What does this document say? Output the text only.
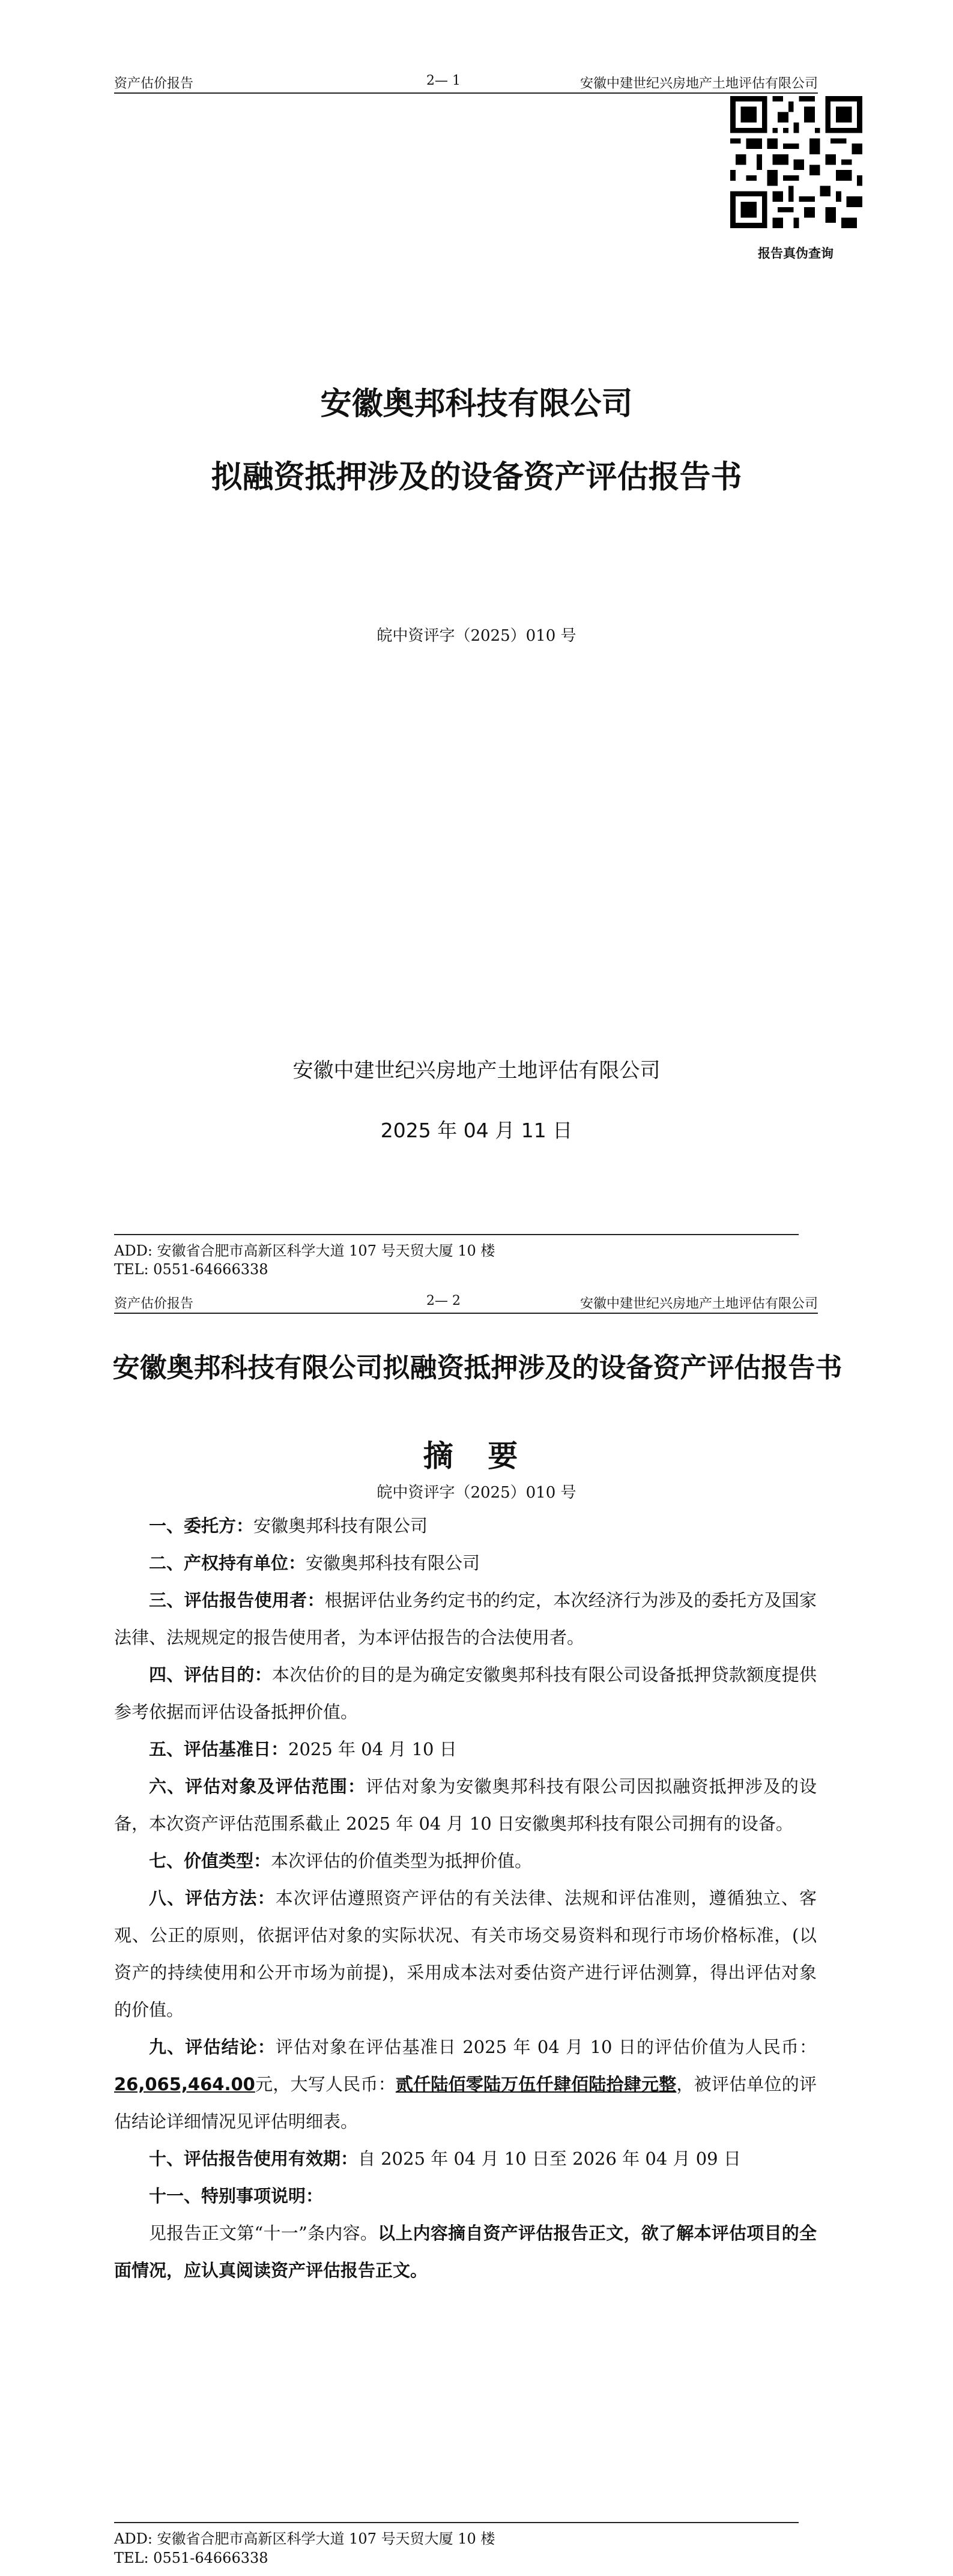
资产估价报告	2— 1	安徽中建世纪兴房地产土地评估有限公司
报告真伪查询
安徽奥邦科技有限公司
拟融资抵押涉及的设备资产评估报告书
皖中资评字（2025）010 号
安徽中建世纪兴房地产土地评估有限公司
2025 年 04 月 11 日
ADD: 安徽省合肥市高新区科学大道 107 号天贸大厦 10 楼
TEL: 0551-64666338
资产估价报告	2— 2	安徽中建世纪兴房地产土地评估有限公司
安徽奥邦科技有限公司拟融资抵押涉及的设备资产评估报告书
摘 要
皖中资评字（2025）010 号

一、委托方：安徽奥邦科技有限公司

二、产权持有单位：安徽奥邦科技有限公司

三、评估报告使用者：根据评估业务约定书的约定，本次经济行为涉及的委托方及国家法律、法规规定的报告使用者，为本评估报告的合法使用者。

四、评估目的：本次估价的目的是为确定安徽奥邦科技有限公司设备抵押贷款额度提供参考依据而评估设备抵押价值。

五、评估基准日：2025 年 04 月 10 日

六、评估对象及评估范围：评估对象为安徽奥邦科技有限公司因拟融资抵押涉及的设备，本次资产评估范围系截止 2025 年 04 月 10 日安徽奥邦科技有限公司拥有的设备。

七、价值类型：本次评估的价值类型为抵押价值。

八、评估方法：本次评估遵照资产评估的有关法律、法规和评估准则，遵循独立、客观、公正的原则，依据评估对象的实际状况、有关市场交易资料和现行市场价格标准，(以资产的持续使用和公开市场为前提)，采用成本法对委估资产进行评估测算，得出评估对象的价值。

九、评估结论：评估对象在评估基准日 2025 年 04 月 10 日的评估价值为人民币：26,065,464.00元，大写人民币：贰仟陆佰零陆万伍仟肆佰陆拾肆元整，被评估单位的评估结论详细情况见评估明细表。

十、评估报告使用有效期：自 2025 年 04 月 10 日至 2026 年 04 月 09 日

十一、特别事项说明：

见报告正文第“十一”条内容。以上内容摘自资产评估报告正文，欲了解本评估项目的全面情况，应认真阅读资产评估报告正文。

ADD: 安徽省合肥市高新区科学大道 107 号天贸大厦 10 楼
TEL: 0551-64666338
